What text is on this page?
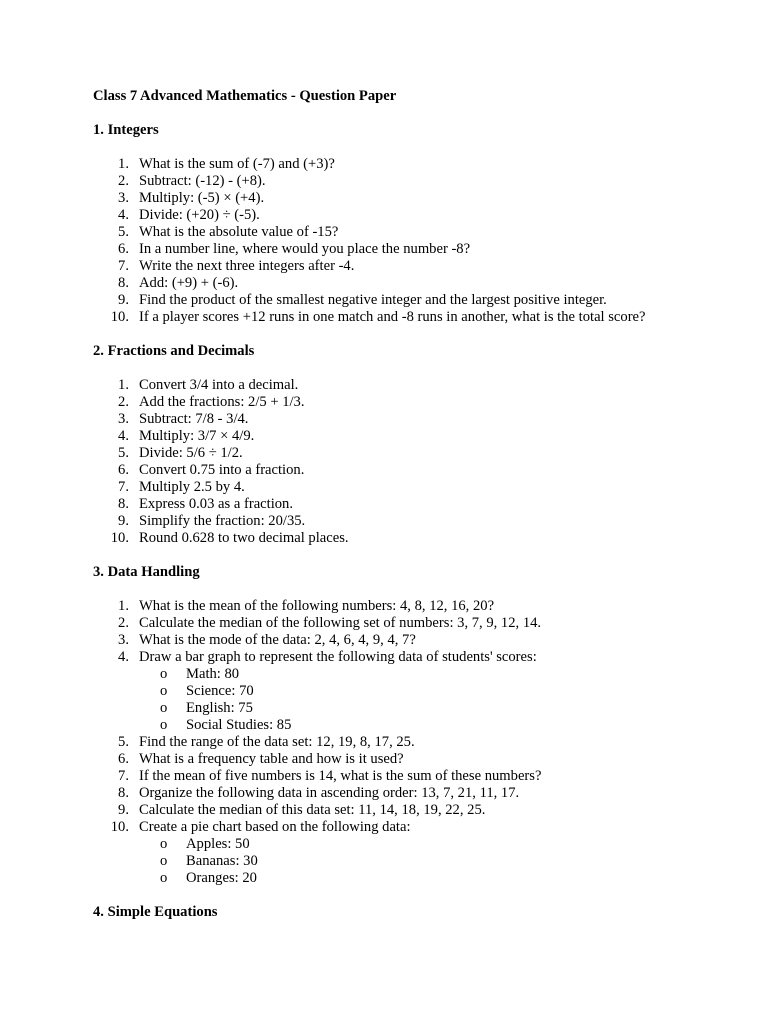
Class 7 Advanced Mathematics - Question Paper
1. Integers
1. What is the sum of (-7) and (+3)?
2. Subtract: (-12) - (+8).
3. Multiply: (-5) × (+4).
4. Divide: (+20) ÷ (-5).
5. What is the absolute value of -15?
6. In a number line, where would you place the number -8?
7. Write the next three integers after -4.
8. Add: (+9) + (-6).
9. Find the product of the smallest negative integer and the largest positive integer.
10. If a player scores +12 runs in one match and -8 runs in another, what is the total score?
2. Fractions and Decimals
1. Convert 3/4 into a decimal.
2. Add the fractions: 2/5 + 1/3.
3. Subtract: 7/8 - 3/4.
4. Multiply: 3/7 × 4/9.
5. Divide: 5/6 ÷ 1/2.
6. Convert 0.75 into a fraction.
7. Multiply 2.5 by 4.
8. Express 0.03 as a fraction.
9. Simplify the fraction: 20/35.
10. Round 0.628 to two decimal places.
3. Data Handling
1. What is the mean of the following numbers: 4, 8, 12, 16, 20?
2. Calculate the median of the following set of numbers: 3, 7, 9, 12, 14.
3. What is the mode of the data: 2, 4, 6, 4, 9, 4, 7?
4. Draw a bar graph to represent the following data of students' scores:
o Math: 80
o Science: 70
o English: 75
o Social Studies: 85
5. Find the range of the data set: 12, 19, 8, 17, 25.
6. What is a frequency table and how is it used?
7. If the mean of five numbers is 14, what is the sum of these numbers?
8. Organize the following data in ascending order: 13, 7, 21, 11, 17.
9. Calculate the median of this data set: 11, 14, 18, 19, 22, 25.
10. Create a pie chart based on the following data:
o Apples: 50
o Bananas: 30
o Oranges: 20
4. Simple Equations
